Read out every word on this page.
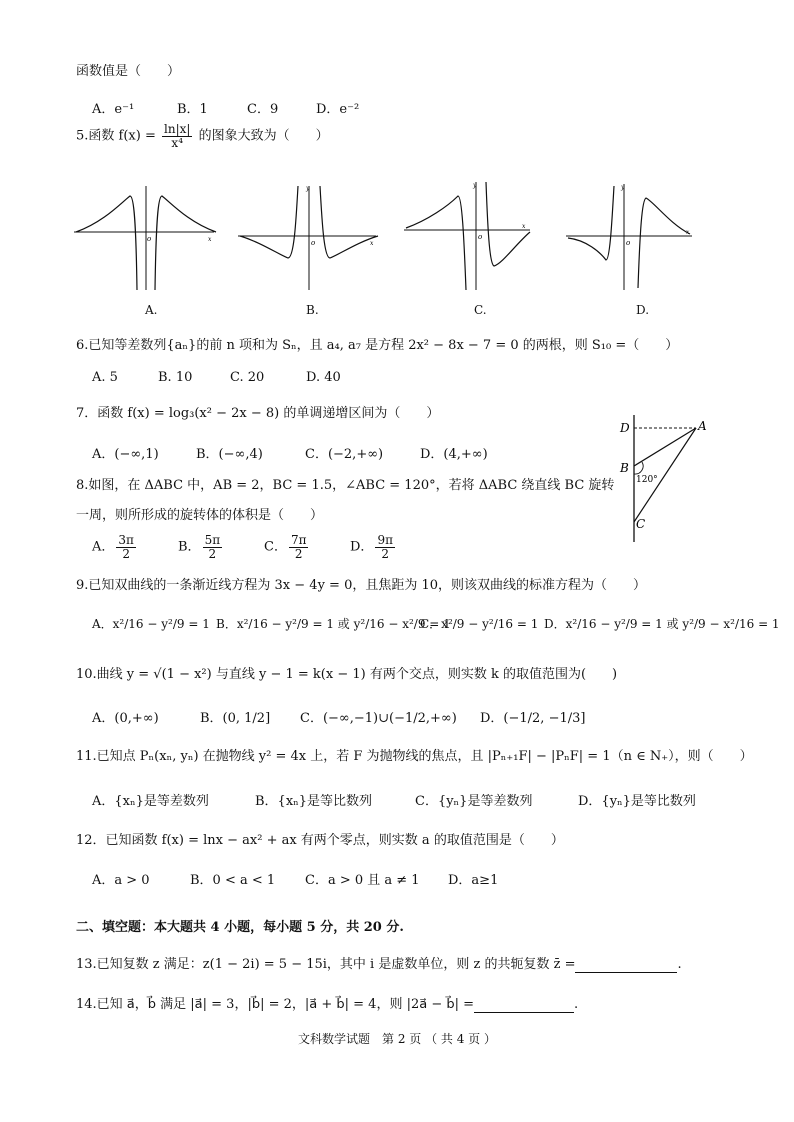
函数值是（　　）
A．e⁻¹	B．1	C．9	D．e⁻²
5.函数 $f(x) = \frac{\ln|x|}{\text{x⁴}}$ 的图象大致为（　　）
o	x	o
y
x
o
y
x
o
y
x
A.	B.	C.	D.
6.已知等差数列{aₙ}的前 n 项和为 Sₙ，且 a₄, a₇ 是方程 2x² − 8x − 7 = 0 的两根，则 S₁₀ =（　　）
A. 5	B. 10	C. 20	D. 40
7．函数 f(x) = log₃(x² − 2x − 8) 的单调递增区间为（　　）
A．(−∞,1)	B．(−∞,4)	C．(−2,+∞)	D．(4,+∞)
D	A
B
120°
C
8.如图，在 ΔABC 中，AB = 2，BC = 1.5，∠ABC = 120°，若将 ΔABC 绕直线 BC 旋转
一周，则所形成的旋转体的体积是（　　）
A． $\frac{3\pi}{2}$	B． $\frac{5\pi}{2}$	C． $\frac{7\pi}{2}$	D． $\frac{9\pi}{2}$
9.已知双曲线的一条渐近线方程为 3x − 4y = 0，且焦距为 10，则该双曲线的标准方程为（　　）
A．x²/16 − y²/9 = 1 B．x²/16 − y²/9 = 1 或 y²/16 − x²/9 = 1
C．x²/9 − y²/16 = 1 D．x²/16 − y²/9 = 1 或 y²/9 − x²/16 = 1
10.曲线 y = √(1 − x²) 与直线 y − 1 = k(x − 1) 有两个交点，则实数 k 的取值范围为(　　)
A．(0,+∞)	B．(0, 1/2] C．(−∞,−1)∪(−1/2,+∞) D．(−1/2, −1/3]
11.已知点 Pₙ(xₙ, yₙ) 在抛物线 y² = 4x 上，若 F 为抛物线的焦点，且 |Pₙ₊₁F| − |PₙF| = 1（n ∈ N₊），则（　　）
A．{xₙ}是等差数列	B．{xₙ}是等比数列	C．{yₙ}是等差数列	D．{yₙ}是等比数列
12．已知函数 f(x) = lnx − ax² + ax 有两个零点，则实数 a 的取值范围是（　　）
A．a > 0	B．0 < a < 1 C．a > 0 且 a ≠ 1 D．a≥1
二、填空题：本大题共 4 小题，每小题 5 分，共 20 分.
13.已知复数 z 满足：z(1 − 2i) = 5 − 15i，其中 i 是虚数单位，则 z 的共轭复数 z̄ =	.
14.已知 a⃗，b⃗ 满足 |a⃗| = 3，|b⃗| = 2，|a⃗ + b⃗| = 4，则 |2a⃗ − b⃗| =	.
文科数学试题　第 2 页 （ 共 4 页 ）
